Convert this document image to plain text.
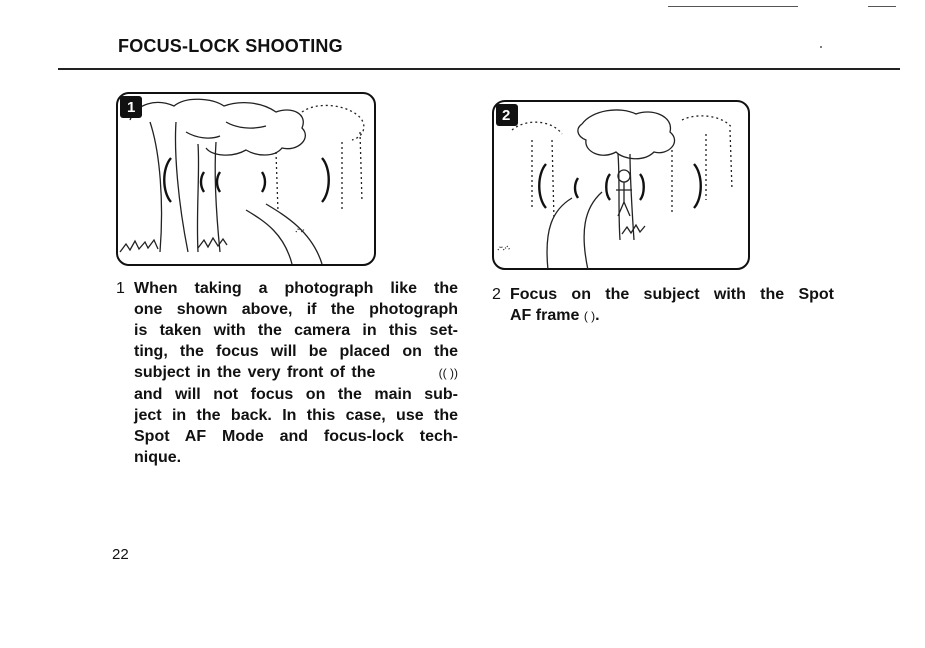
FOCUS-LOCK SHOOTING
1	2
1 When taking a photograph like the
one shown above, if the photograph
is taken with the camera in this set-
ting, the focus will be placed on the
subject in the very front of the	(( ))
and will not focus on the main sub-
ject in the back. In this case, use the
Spot AF Mode and focus-lock tech-
nique.
2 Focus on the subject with the Spot
AF frame ( ).
22
